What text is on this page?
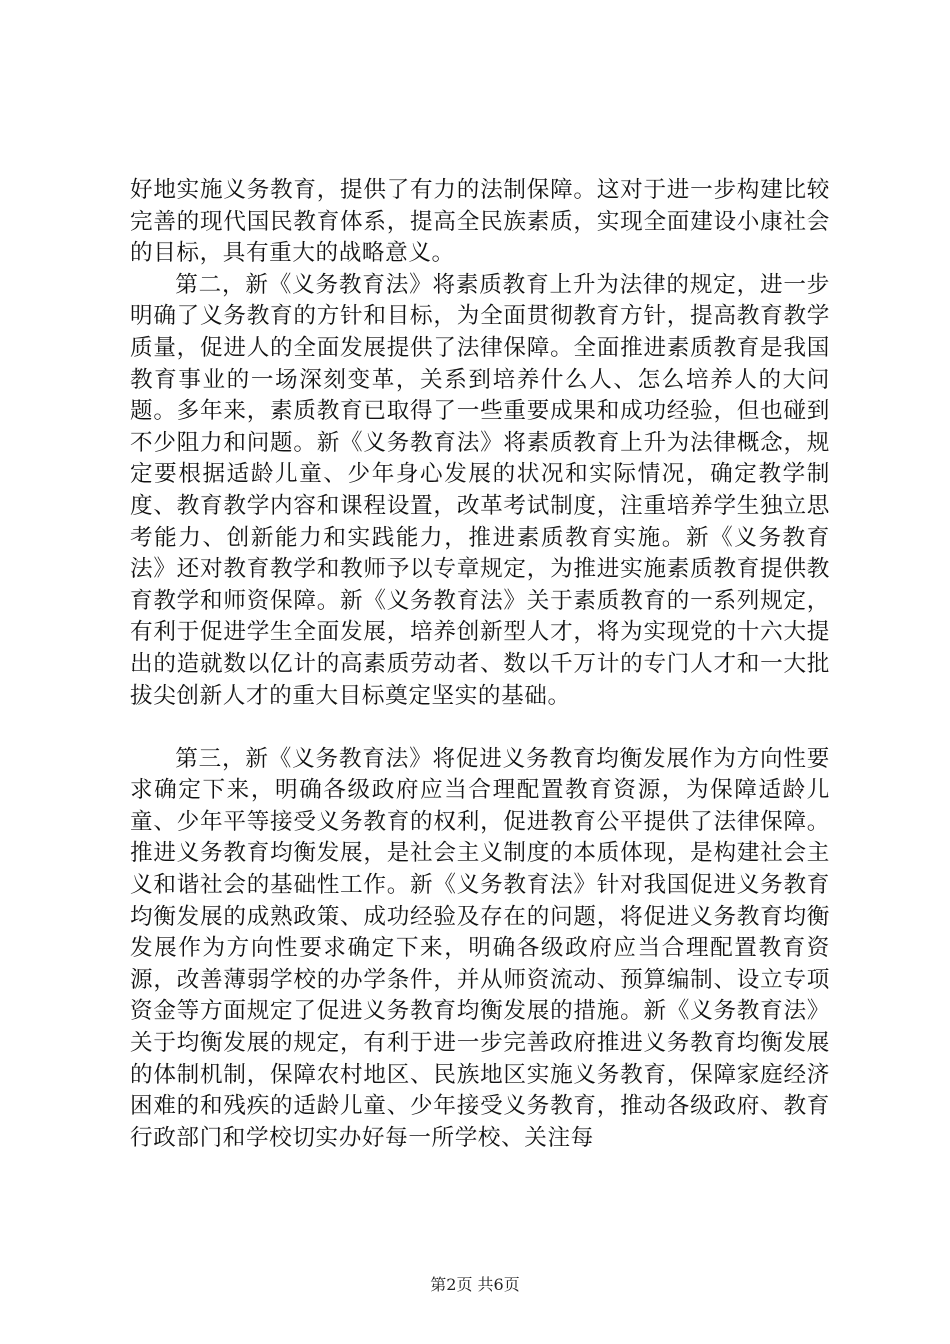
好地实施义务教育，提供了有力的法制保障。这对于进一步构建比较完善的现代国民教育体系，提高全民族素质，实现全面建设小康社会的目标，具有重大的战略意义。

第二，新《义务教育法》将素质教育上升为法律的规定，进一步明确了义务教育的方针和目标，为全面贯彻教育方针，提高教育教学质量，促进人的全面发展提供了法律保障。全面推进素质教育是我国教育事业的一场深刻变革，关系到培养什么人、怎么培养人的大问题。多年来，素质教育已取得了一些重要成果和成功经验，但也碰到不少阻力和问题。新《义务教育法》将素质教育上升为法律概念，规定要根据适龄儿童、少年身心发展的状况和实际情况，确定教学制度、教育教学内容和课程设置，改革考试制度，注重培养学生独立思考能力、创新能力和实践能力，推进素质教育实施。新《义务教育法》还对教育教学和教师予以专章规定，为推进实施素质教育提供教育教学和师资保障。新《义务教育法》关于素质教育的一系列规定，有利于促进学生全面发展，培养创新型人才，将为实现党的十六大提出的造就数以亿计的高素质劳动者、数以千万计的专门人才和一大批拔尖创新人才的重大目标奠定坚实的基础。

第三，新《义务教育法》将促进义务教育均衡发展作为方向性要求确定下来，明确各级政府应当合理配置教育资源，为保障适龄儿童、少年平等接受义务教育的权利，促进教育公平提供了法律保障。推进义务教育均衡发展，是社会主义制度的本质体现，是构建社会主义和谐社会的基础性工作。新《义务教育法》针对我国促进义务教育均衡发展的成熟政策、成功经验及存在的问题，将促进义务教育均衡发展作为方向性要求确定下来，明确各级政府应当合理配置教育资源，改善薄弱学校的办学条件，并从师资流动、预算编制、设立专项资金等方面规定了促进义务教育均衡发展的措施。新《义务教育法》关于均衡发展的规定，有利于进一步完善政府推进义务教育均衡发展的体制机制，保障农村地区、民族地区实施义务教育，保障家庭经济困难的和残疾的适龄儿童、少年接受义务教育，推动各级政府、教育行政部门和学校切实办好每一所学校、关注每

第2页 共6页
